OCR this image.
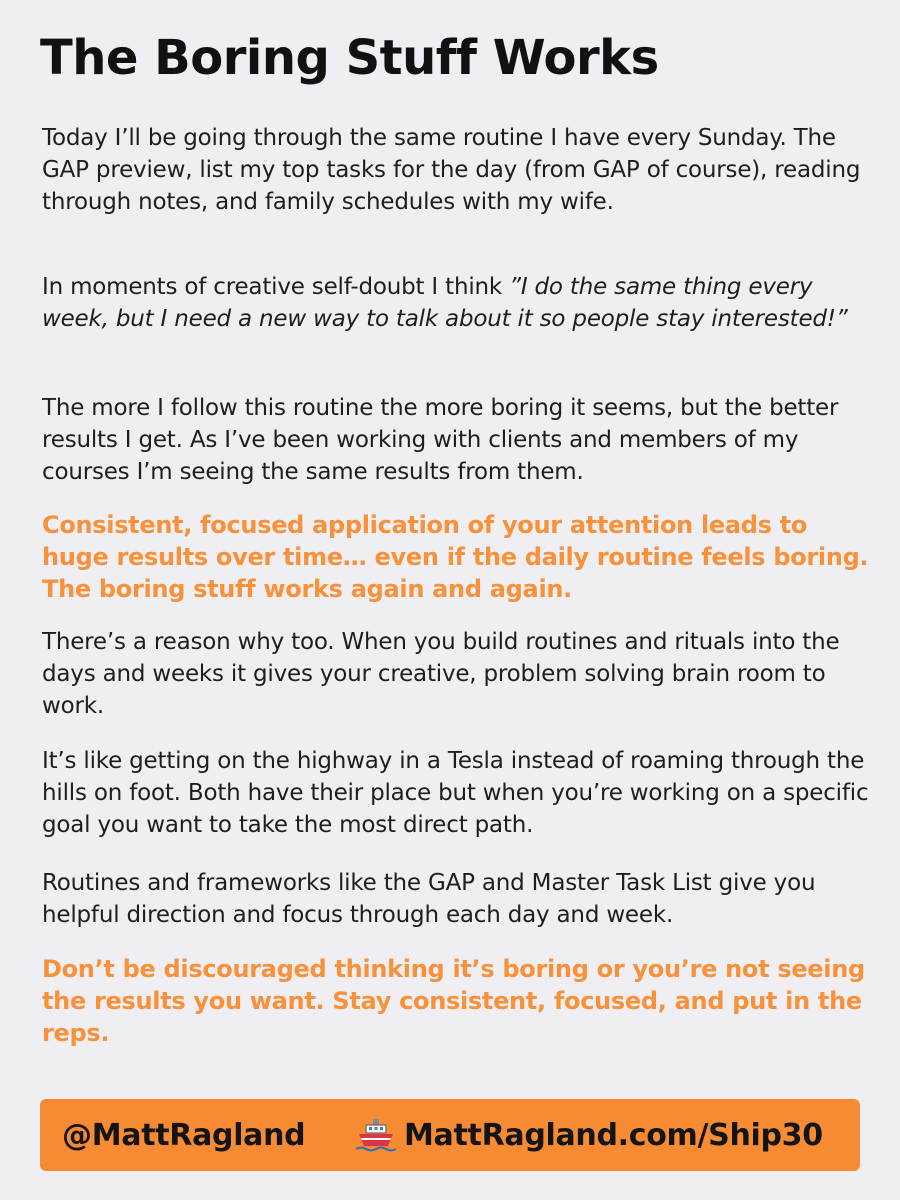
The Boring Stuff Works

Today I’ll be going through the same routine I have every Sunday. The GAP preview, list my top tasks for the day (from GAP of course), reading through notes, and family schedules with my wife.

In moments of creative self-doubt I think ”I do the same thing every week, but I need a new way to talk about it so people stay interested!”

The more I follow this routine the more boring it seems, but the better results I get. As I’ve been working with clients and members of my courses I’m seeing the same results from them.

Consistent, focused application of your attention leads to huge results over time… even if the daily routine feels boring. The boring stuff works again and again.

There’s a reason why too. When you build routines and rituals into the days and weeks it gives your creative, problem solving brain room to work.

It’s like getting on the highway in a Tesla instead of roaming through the hills on foot. Both have their place but when you’re working on a specific goal you want to take the most direct path.

Routines and frameworks like the GAP and Master Task List give you helpful direction and focus through each day and week.

Don’t be discouraged thinking it’s boring or you’re not seeing the results you want. Stay consistent, focused, and put in the reps.

@MattRagland	MattRagland.com/Ship30
